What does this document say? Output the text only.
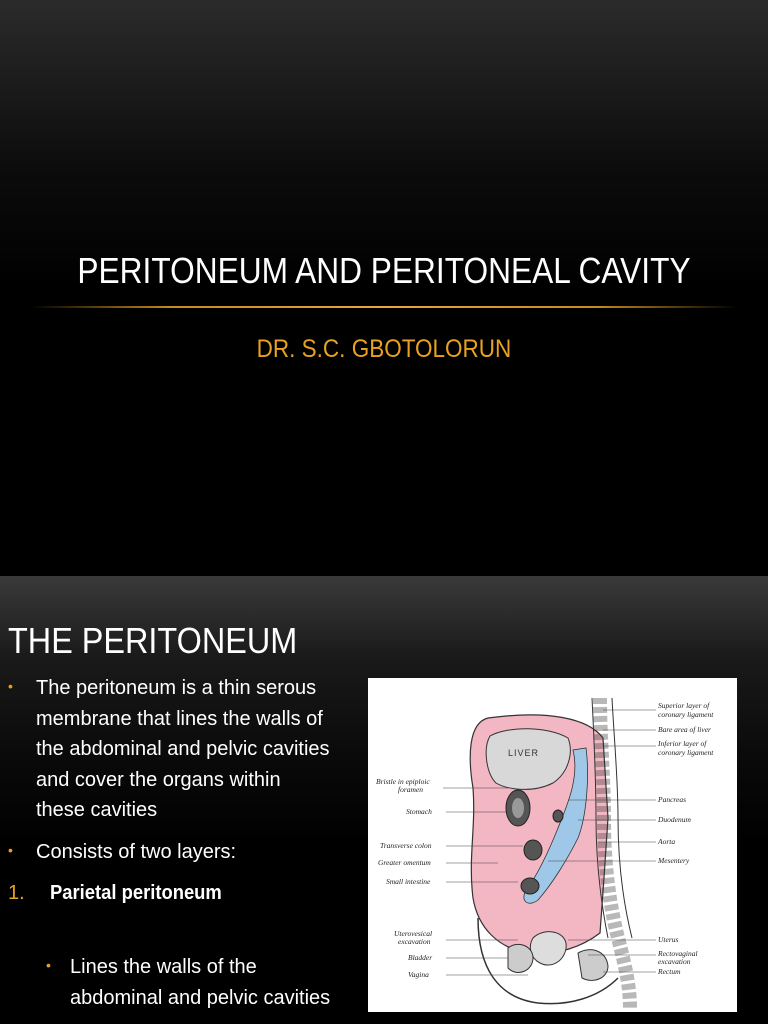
PERITONEUM AND PERITONEAL CAVITY
DR. S.C. GBOTOLORUN
THE PERITONEUM
• The peritoneum is a thin serous
membrane that lines the walls of
the abdominal and pelvic cavities
and cover the organs within
these cavities
• Consists of two layers:
1. Parietal peritoneum
• Lines the walls of the
abdominal and pelvic cavities
LIVER
Bristle in epiploic
foramen
Stomach
Transverse colon
Greater omentum
Small intestine
Uterovesical
excavation
Bladder
Vagina
Superior layer of
coronary ligament
Bare area of liver
Inferior layer of
coronary ligament
Pancreas
Duodenum
Aorta
Mesentery
Uterus
Rectovaginal
excavation
Rectum
